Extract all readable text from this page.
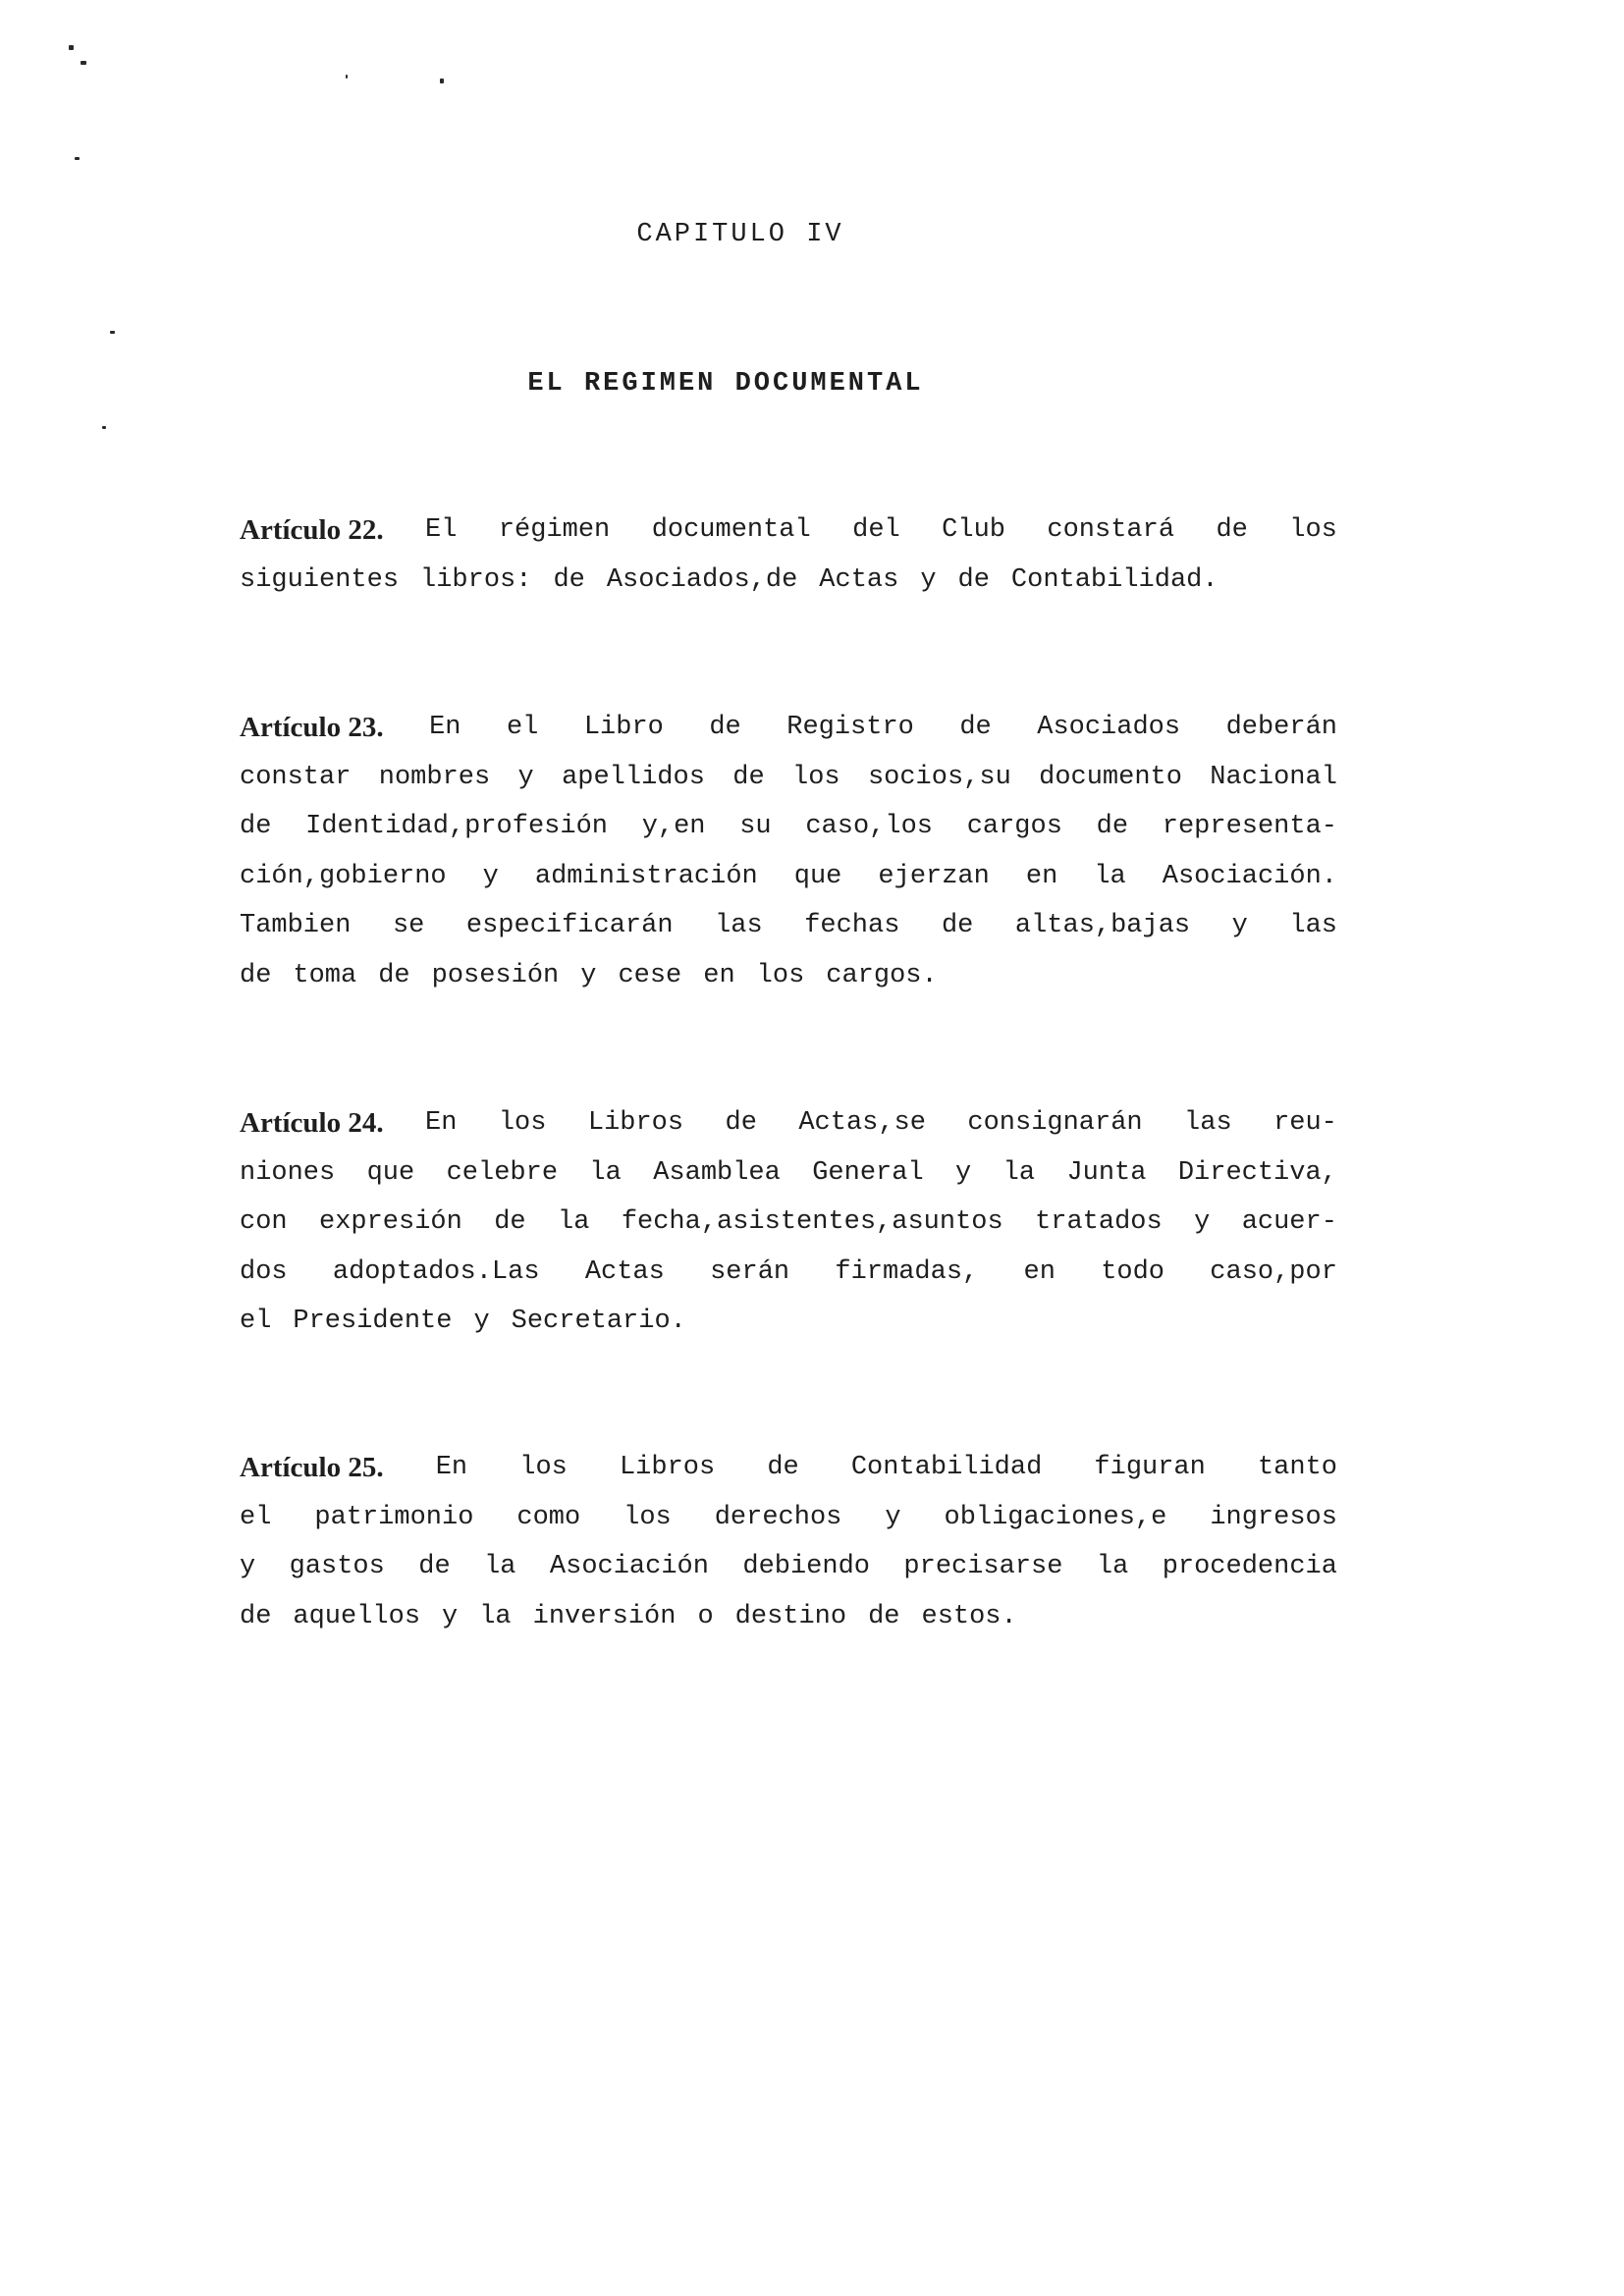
CAPITULO IV
EL REGIMEN DOCUMENTAL
Artículo 22. El régimen documental del Club constará de los
siguientes libros: de Asociados,de Actas y de Contabilidad.
Artículo 23. En el Libro de Registro de Asociados deberán
constar nombres y apellidos de los socios,su documento Nacional
de Identidad,profesión y,en su caso,los cargos de representa-
ción,gobierno y administración que ejerzan en la Asociación.
Tambien se especificarán las fechas de altas,bajas y las
de toma de posesión y cese en los cargos.
Artículo 24. En los Libros de Actas,se consignarán las reu-
niones que celebre la Asamblea General y la Junta Directiva,
con expresión de la fecha,asistentes,asuntos tratados y acuer-
dos adoptados.Las Actas serán firmadas, en todo caso,por
el Presidente y Secretario.
Artículo 25. En los Libros de Contabilidad figuran tanto
el patrimonio como los derechos y obligaciones,e ingresos
y gastos de la Asociación debiendo precisarse la procedencia
de aquellos y la inversión o destino de estos.
